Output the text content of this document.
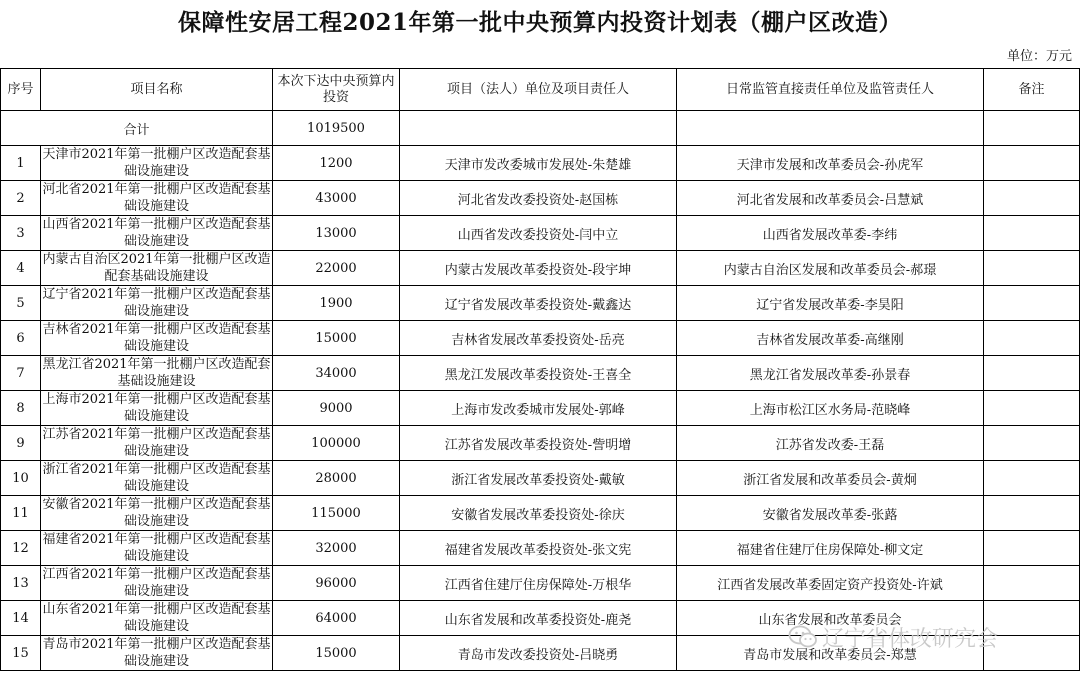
保障性安居工程2021年第一批中央预算内投资计划表（棚户区改造）
单位：万元
序号	项目名称	本次下达中央预算内投资	项目（法人）单位及项目责任人	日常监管直接责任单位及监管责任人	备注
合计		1019500			
1	天津市2021年第一批棚户区改造配套基础设施建设	1200	天津市发改委城市发展处-朱楚雄	天津市发展和改革委员会-孙虎军	
2	河北省2021年第一批棚户区改造配套基础设施建设	43000	河北省发改委投资处-赵国栋	河北省发展和改革委员会-吕慧斌	
3	山西省2021年第一批棚户区改造配套基础设施建设	13000	山西省发改委投资处-闫中立	山西省发展改革委-李纬	
4	内蒙古自治区2021年第一批棚户区改造配套基础设施建设	22000	内蒙古发展改革委投资处-段宇坤	内蒙古自治区发展和改革委员会-郝璟	
5	辽宁省2021年第一批棚户区改造配套基础设施建设	1900	辽宁省发展改革委投资处-戴鑫达	辽宁省发展改革委-李昊阳	
6	吉林省2021年第一批棚户区改造配套基础设施建设	15000	吉林省发展改革委投资处-岳亮	吉林省发展改革委-高继刚	
7	黑龙江省2021年第一批棚户区改造配套基础设施建设	34000	黑龙江发展改革委投资处-王喜全	黑龙江省发展改革委-孙景春	
8	上海市2021年第一批棚户区改造配套基础设施建设	9000	上海市发改委城市发展处-郭峰	上海市松江区水务局-范晓峰	
9	江苏省2021年第一批棚户区改造配套基础设施建设	100000	江苏省发展改革委投资处-訾明增	江苏省发改委-王磊	
10	浙江省2021年第一批棚户区改造配套基础设施建设	28000	浙江省发展改革委投资处-戴敏	浙江省发展和改革委员会-黄炯	
11	安徽省2021年第一批棚户区改造配套基础设施建设	115000	安徽省发展改革委投资处-徐庆	安徽省发展改革委-张蕗	
12	福建省2021年第一批棚户区改造配套基础设施建设	32000	福建省发展改革委投资处-张文宪	福建省住建厅住房保障处-柳文定	
13	江西省2021年第一批棚户区改造配套基础设施建设	96000	江西省住建厅住房保障处-万根华	江西省发展改革委固定资产投资处-许斌	
14	山东省2021年第一批棚户区改造配套基础设施建设	64000	山东省发展和改革委投资处-鹿尧	山东省发展和改革委员会	
15	青岛市2021年第一批棚户区改造配套基础设施建设	15000	青岛市发改委投资处-吕晓勇	青岛市发展和改革委员会-郑慧	
辽宁省体改研究会
